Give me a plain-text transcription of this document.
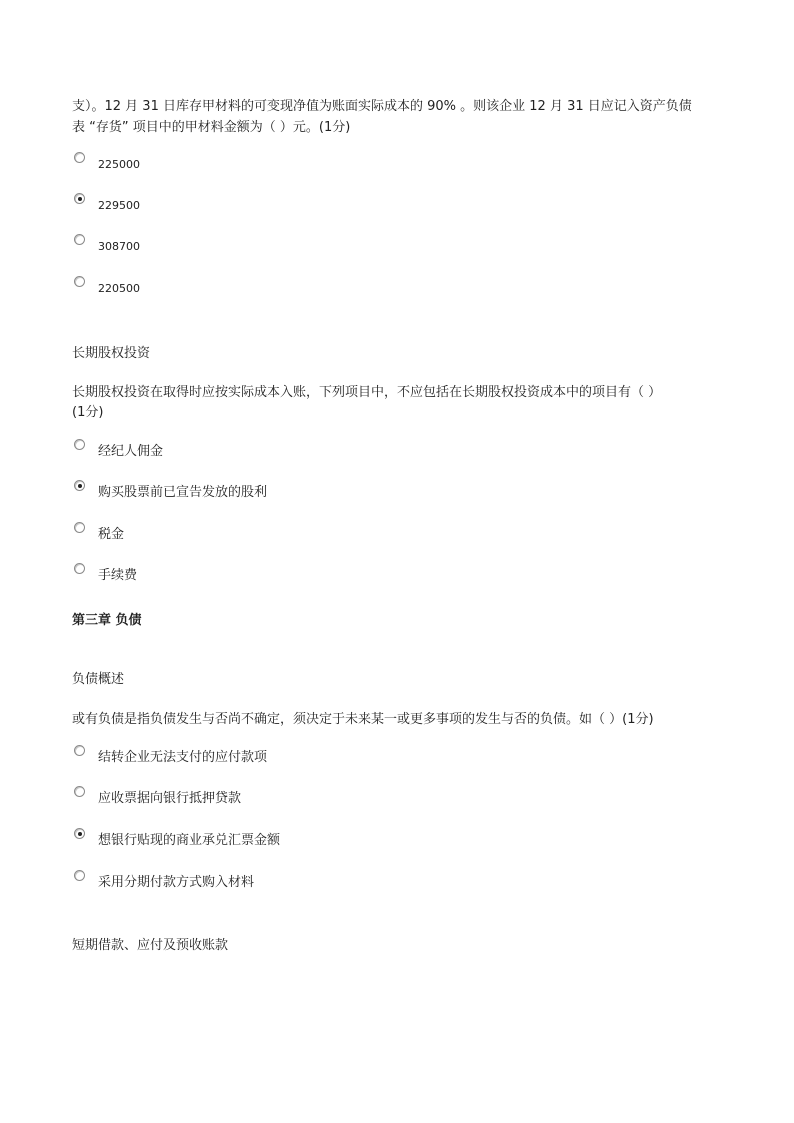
支）。12 月 31 日库存甲材料的可变现净值为账面实际成本的 90% 。则该企业 12 月 31 日应记入资产负债
表 “存货” 项目中的甲材料金额为（ ）元。(1分)
225000
229500
308700
220500
长期股权投资
长期股权投资在取得时应按实际成本入账，下列项目中，不应包括在长期股权投资成本中的项目有（ ）
(1分)
经纪人佣金
购买股票前已宣告发放的股利
税金
手续费
第三章 负债
负债概述
或有负债是指负债发生与否尚不确定，须决定于未来某一或更多事项的发生与否的负债。如（ ）(1分)
结转企业无法支付的应付款项
应收票据向银行抵押贷款
想银行贴现的商业承兑汇票金额
采用分期付款方式购入材料
短期借款、应付及预收账款
